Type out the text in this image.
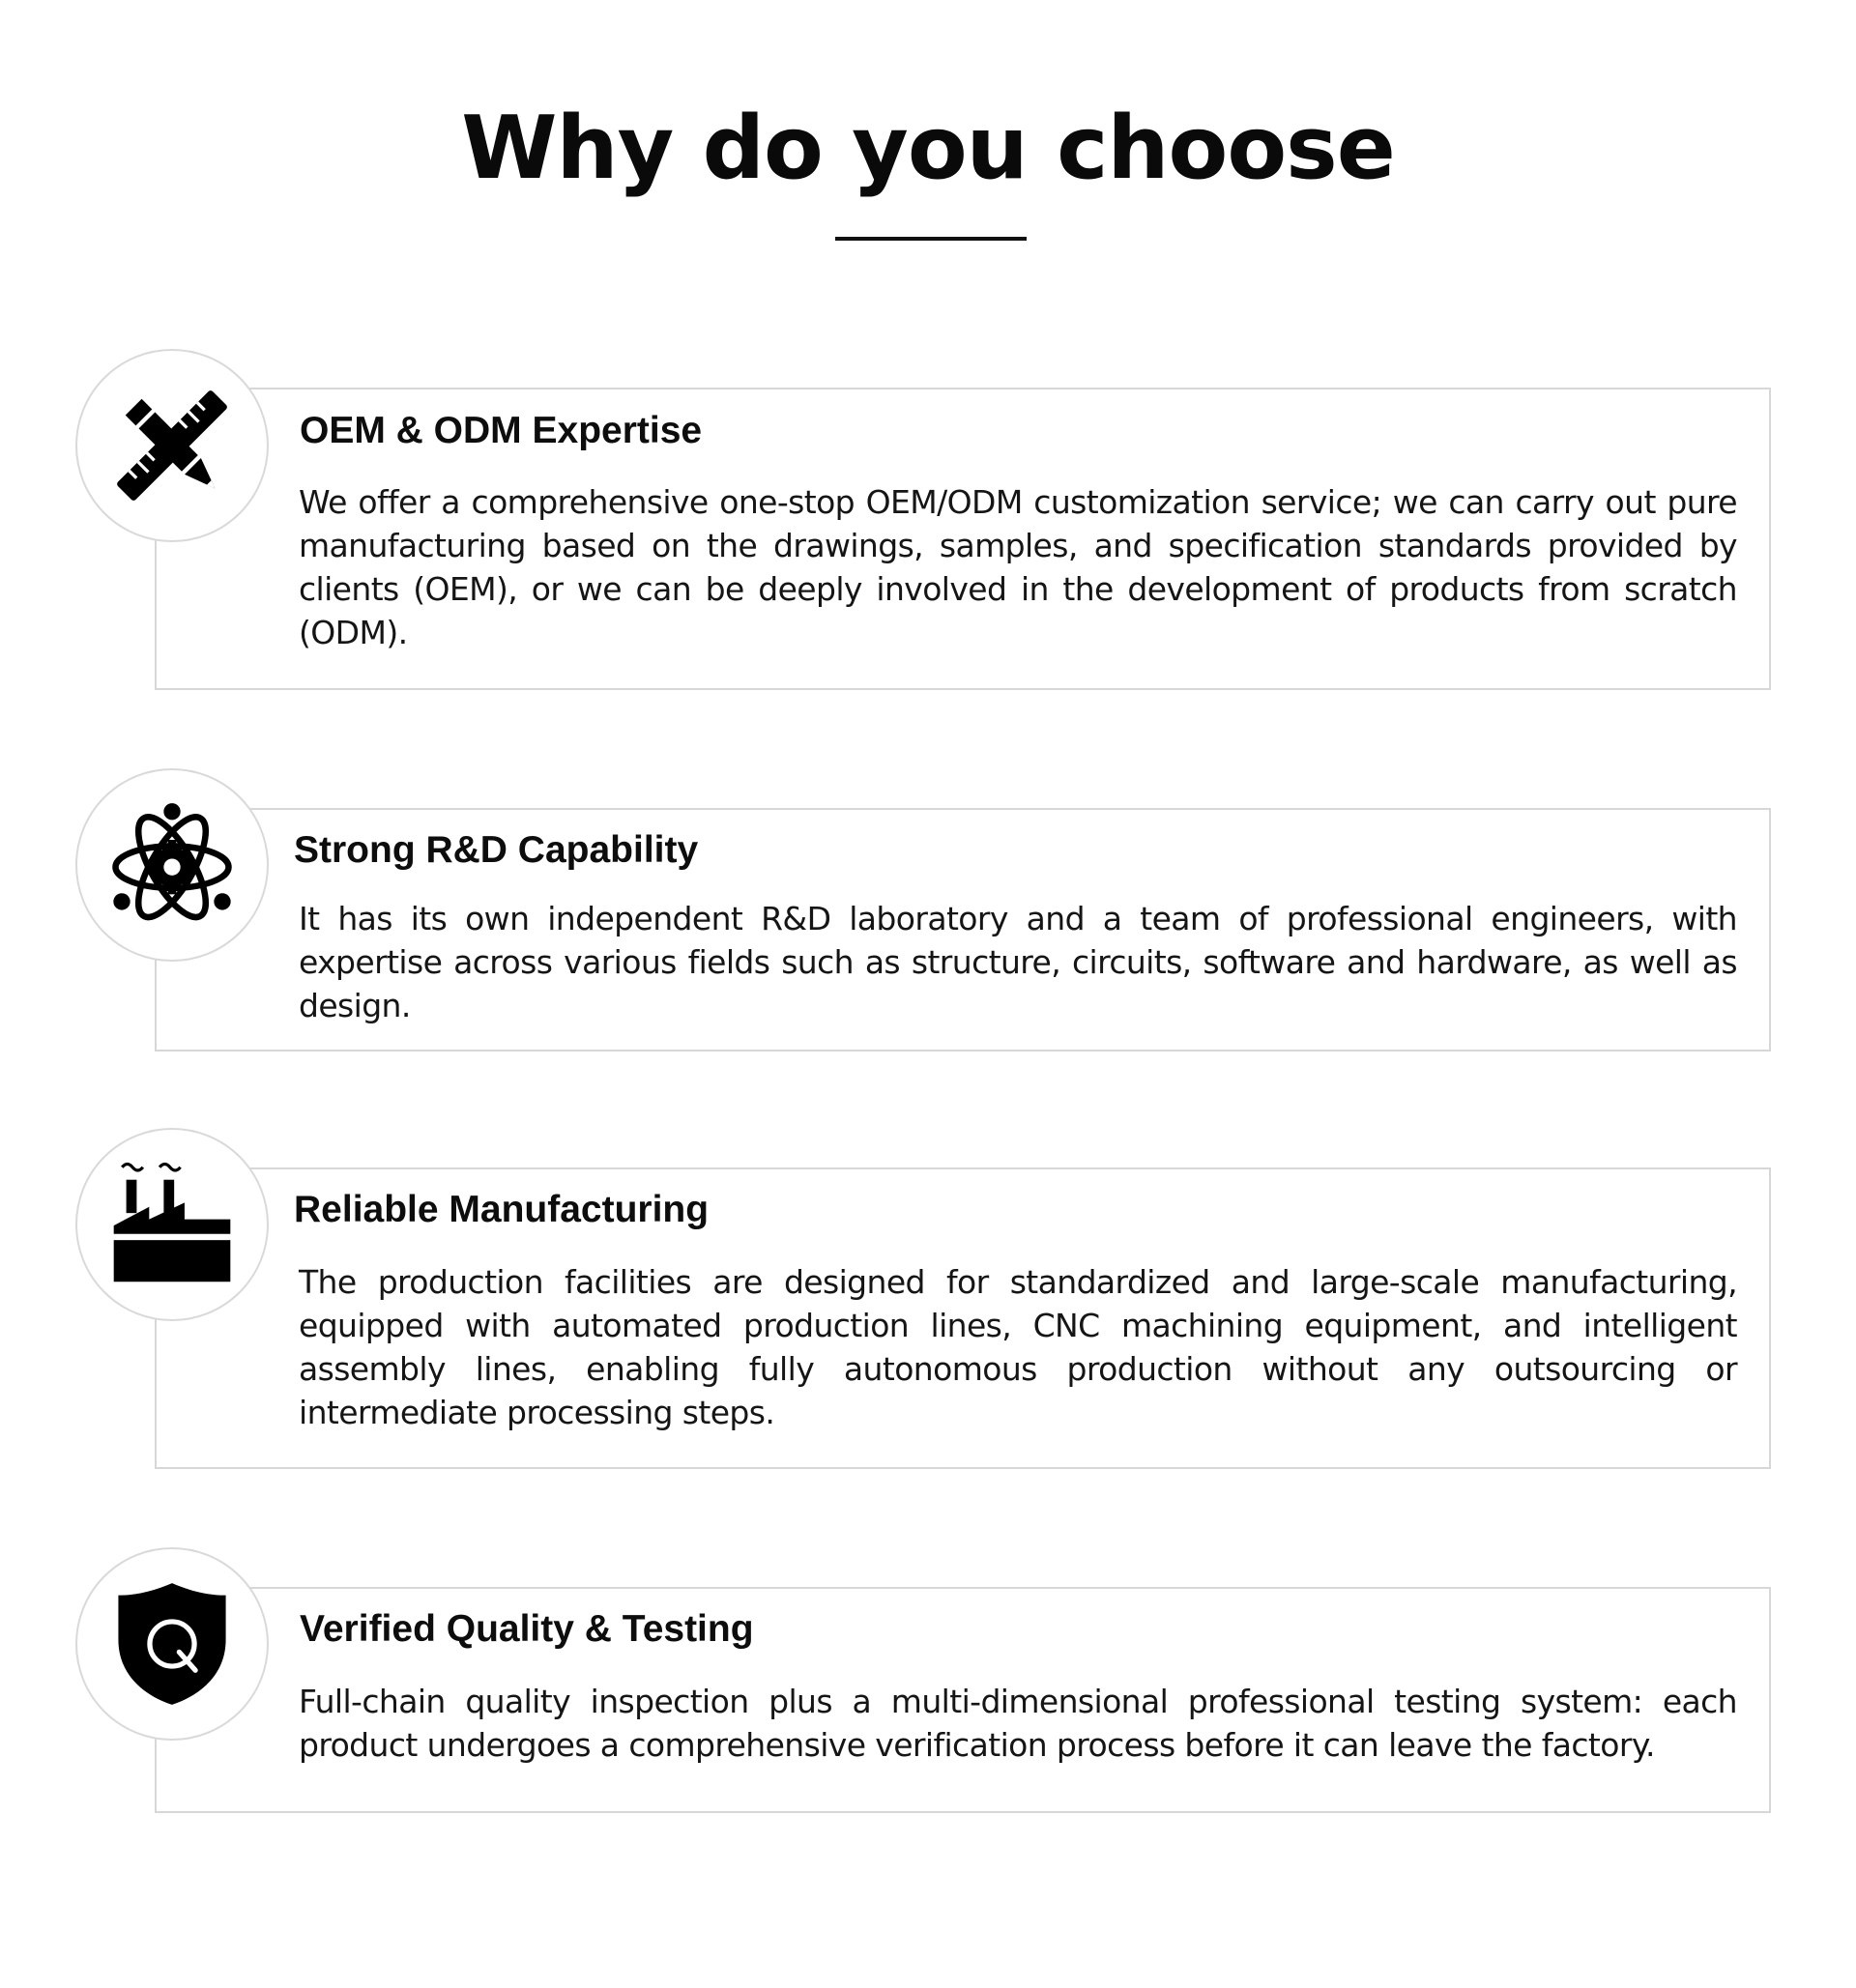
Why do you choose
OEM & ODM Expertise

We offer a comprehensive one-stop OEM/ODM customization service; we can carry out pure manufacturing based on the drawings, samples, and specification standards provided by clients (OEM), or we can be deeply involved in the development of products from scratch (ODM).

Strong R&D Capability

It has its own independent R&D laboratory and a team of professional engineers, with expertise across various fields such as structure, circuits, software and hardware, as well as design.

Reliable Manufacturing

The production facilities are designed for standardized and large-scale manufacturing, equipped with automated production lines, CNC machining equipment, and intelligent assembly lines, enabling fully autonomous production without any outsourcing or intermediate processing steps.

Verified Quality & Testing

Full-chain quality inspection plus a multi-dimensional professional testing system: each product undergoes a comprehensive verification process before it can leave the factory.
